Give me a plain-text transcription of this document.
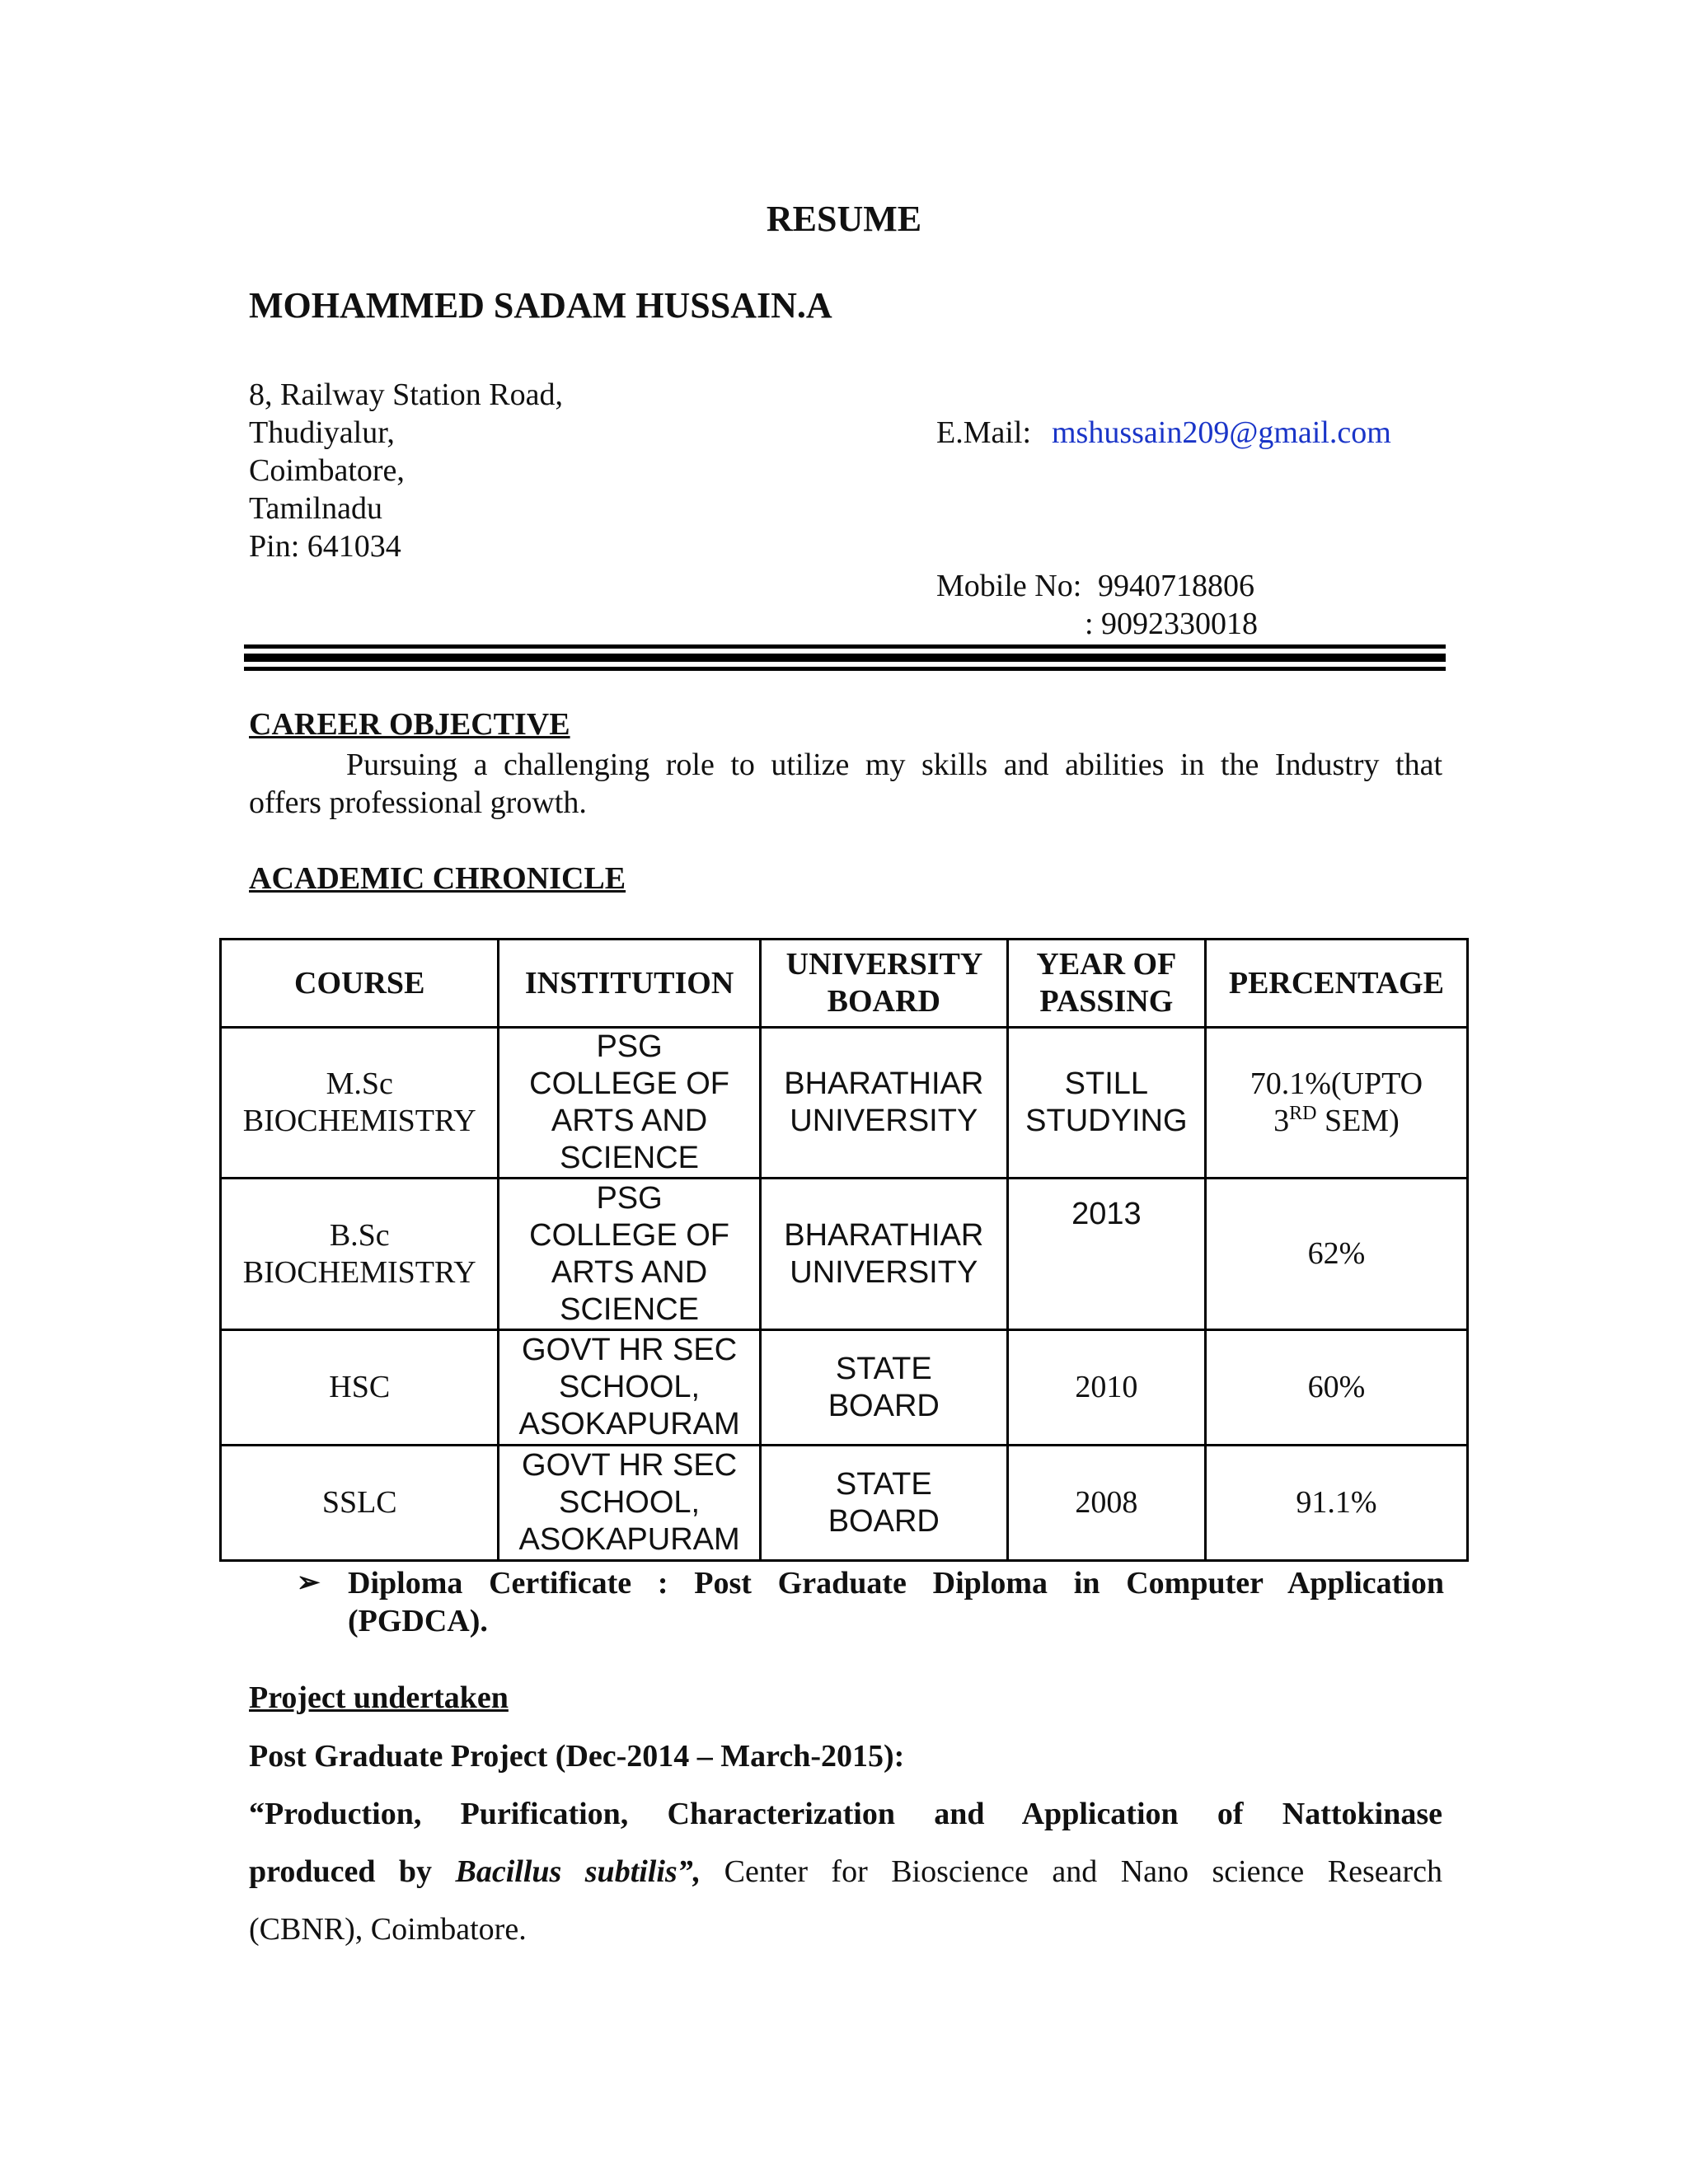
RESUME
MOHAMMED SADAM HUSSAIN.A
8, Railway Station Road,
Thudiyalur,
Coimbatore,
Tamilnadu
Pin: 641034
E.Mail: mshussain209@gmail.com
Mobile No: 9940718806
: 9092330018
CAREER OBJECTIVE
Pursuing a challenging role to utilize my skills and abilities in the Industry that
offers professional growth.
ACADEMIC CHRONICLE
COURSE	INSTITUTION	UNIVERSITY BOARD	YEAR OF PASSING	PERCENTAGE
M.Sc BIOCHEMISTRY	PSG COLLEGE OF ARTS AND SCIENCE	BHARATHIAR UNIVERSITY	STILL STUDYING	70.1%(UPTO
3RD SEM)
B.Sc BIOCHEMISTRY	PSG COLLEGE OF ARTS AND SCIENCE	BHARATHIAR UNIVERSITY	2013	62%
HSC	GOVT HR SEC SCHOOL, ASOKAPURAM	STATE BOARD	2010	60%
SSLC	GOVT HR SEC SCHOOL, ASOKAPURAM	STATE BOARD	2008	91.1%
➢ Diploma Certificate : Post Graduate Diploma in Computer Application
(PGDCA).
Project undertaken
Post Graduate Project (Dec-2014 – March-2015):
“Production, Purification, Characterization and Application of Nattokinase
produced by Bacillus subtilis”, Center for Bioscience and Nano science Research
(CBNR), Coimbatore.
